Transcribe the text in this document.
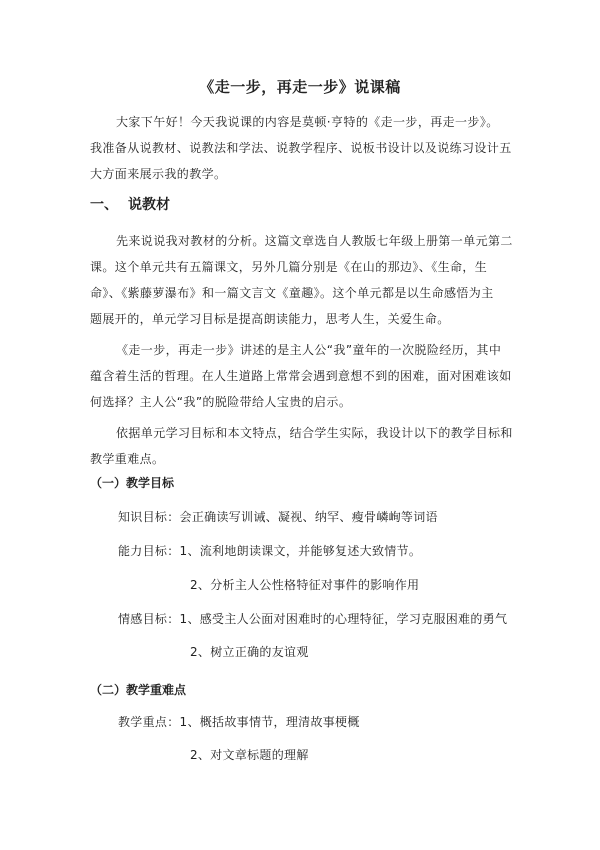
《走一步，再走一步》说课稿

大家下午好！今天我说课的内容是莫顿·亨特的《走一步，再走一步》。
我准备从说教材、说教法和学法、说教学程序、说板书设计以及说练习设计五
大方面来展示我的教学。

一、 说教材

先来说说我对教材的分析。这篇文章选自人教版七年级上册第一单元第二
课。这个单元共有五篇课文，另外几篇分别是《在山的那边》、《生命，生
命》、《紫藤萝瀑布》和一篇文言文《童趣》。这个单元都是以生命感悟为主
题展开的，单元学习目标是提高朗读能力，思考人生，关爱生命。

《走一步，再走一步》讲述的是主人公“我”童年的一次脱险经历，其中
蕴含着生活的哲理。在人生道路上常常会遇到意想不到的困难，面对困难该如
何选择？主人公“我”的脱险带给人宝贵的启示。

依据单元学习目标和本文特点，结合学生实际，我设计以下的教学目标和
教学重难点。

（一）教学目标
知识目标：会正确读写训诫、凝视、纳罕、瘦骨嶙峋等词语
能力目标：1、流利地朗读课文，并能够复述大致情节。
2、分析主人公性格特征对事件的影响作用
情感目标：1、感受主人公面对困难时的心理特征，学习克服困难的勇气
2、树立正确的友谊观
（二）教学重难点
教学重点：1、概括故事情节，理清故事梗概
2、对文章标题的理解
